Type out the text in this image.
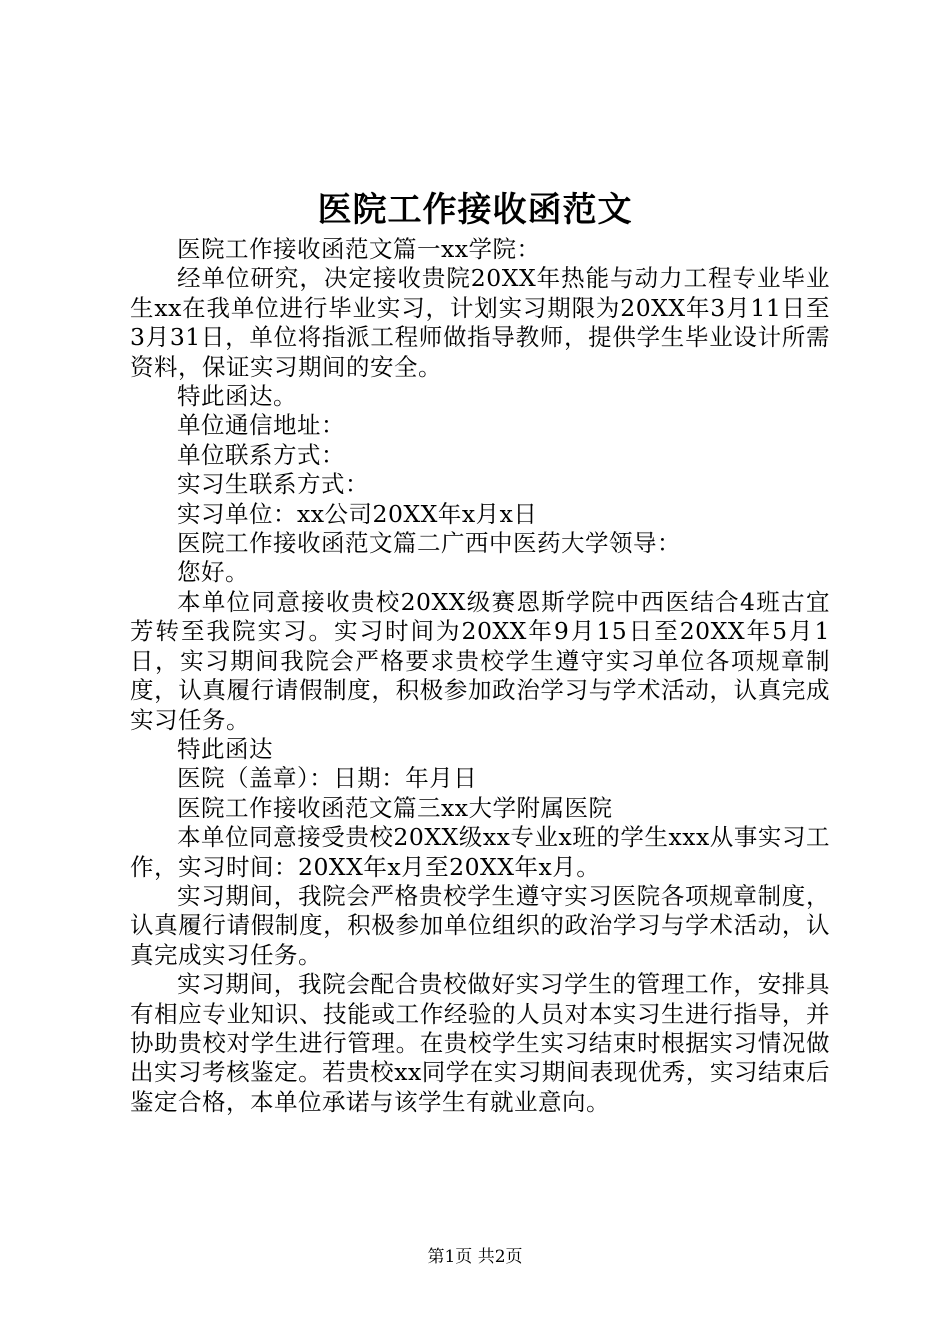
医院工作接收函范文

医院工作接收函范文篇一xx学院：

经单位研究，决定接收贵院20XX年热能与动力工程专业毕业生xx在我单位进行毕业实习，计划实习期限为20XX年3月11日至3月31日，单位将指派工程师做指导教师，提供学生毕业设计所需资料，保证实习期间的安全。

特此函达。

单位通信地址：

单位联系方式：

实习生联系方式：

实习单位：xx公司20XX年x月x日

医院工作接收函范文篇二广西中医药大学领导：

您好。

本单位同意接收贵校20XX级赛恩斯学院中西医结合4班古宜芳转至我院实习。实习时间为20XX年9月15日至20XX年5月1日，实习期间我院会严格要求贵校学生遵守实习单位各项规章制度，认真履行请假制度，积极参加政治学习与学术活动，认真完成实习任务。

特此函达

医院（盖章）：日期：年月日

医院工作接收函范文篇三xx大学附属医院

本单位同意接受贵校20XX级xx专业x班的学生xxx从事实习工作，实习时间：20XX年x月至20XX年x月。

实习期间，我院会严格贵校学生遵守实习医院各项规章制度，认真履行请假制度，积极参加单位组织的政治学习与学术活动，认真完成实习任务。

实习期间，我院会配合贵校做好实习学生的管理工作，安排具有相应专业知识、技能或工作经验的人员对本实习生进行指导，并协助贵校对学生进行管理。在贵校学生实习结束时根据实习情况做出实习考核鉴定。若贵校xx同学在实习期间表现优秀，实习结束后鉴定合格，本单位承诺与该学生有就业意向。

第1页 共2页
